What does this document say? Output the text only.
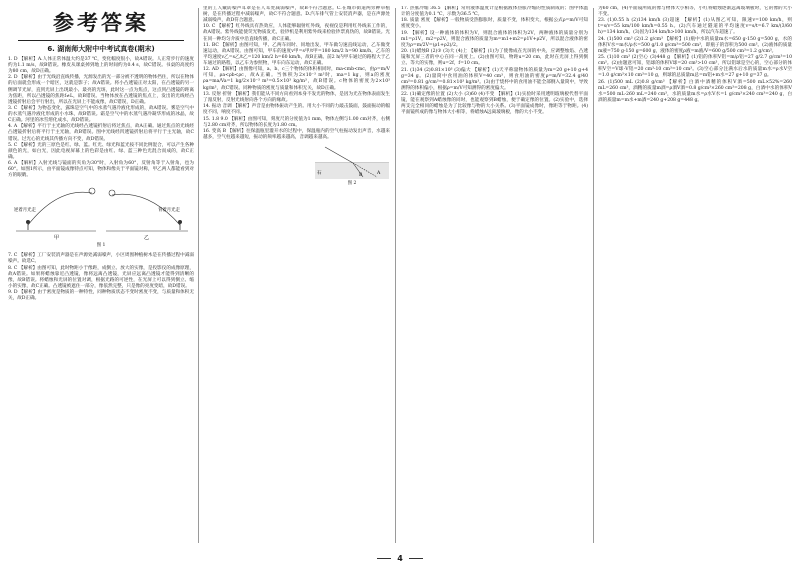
参考答案
6. 湖南师大附中中考试真卷(期末)

1. D 【解析】A.人体正常体温大约是37 ℃，变化幅度很小，故A错误。人正常步行的速度约为1.1 m/s，故B错误。橡皮从课桌掉到地上的时间约为0.4 s，故C错误。书桌的高度约为80 cm，故D正确。

2. D 【解析】由于光线沿直线传播，光源发出的光一部分被不透明的物体挡住，所以在物体的后面就会形成一个暗区，这就是影子；故A错误。将小凸透镜正对太阳，在凸透镜的另一侧调节光屏，直到光屏上出现最小、最亮的光斑，此时这一点为焦点，这点到凸透镜的距离为焦距，所以凸透镜的焦距f≠L，故B错误。当物体放在凸透镜的焦点上，发出的光线经凸透镜折射后会平行射出，所以在光屏上不能成像，故C错误，D正确。

3. C 【解析】为物态变化，露珠是空气中的水蒸气遇冷液化形成的，故A错误。雾是空气中的水蒸气遇冷液化形成的小水珠，故B错误。霜是空气中的水蒸气遇冷凝华形成的冰晶，故C正确。河里的冰雪熔化成水，故D错误。

4. A 【解析】平行于主光轴的光线经凸透镜折射后将过焦点，故A正确。通过焦点的光线经凸透镜折射后将平行于主光轴，故B错误。图中光线经凹透镜折射后将平行于主光轴，故C错误。过光心的光线其传播方向不变，故D错误。

5. C 【解析】光的三原色是红、绿、蓝。红光、绿光和蓝光按不同比例混合，可以产生各种颜色的光，如白光，因此电视屏幕上的色彩是由红、绿、蓝三种色光混合而成的，故C正确。

6. A 【解析】入射光线与镜面的夹角为30°时，入射角为60°，反射角等于入射角，也为60°。如图1所示，由平面镜成像特点可知，物体和像关于平面镜对称，甲乙两人都能看到对方的眼睛。

逆着月光走	背着月光走
甲	乙
图 1

7. C 【解析】工厂安装消声器是在声源处减弱噪声，小区周围种植树木是在传播过程中减弱噪声。故选C。

8. C 【解析】由图可知，此时物距小于像距，成倒立、放大的实像，是投影仪的成像原理，故A错误。如果将蜡烛靠近凸透镜，像将远离凸透镜，光屏应远离凸透镜才能得到清晰的像，故B错误。将蜡烛和光屏的位置对调，根据光路的可逆性，在光屏上可以得到倒立、缩小的实像，故C正确。凸透镜被遮住一部分，像依然完整，只是像的亮度变暗，故D错误。

9. D 【解析】由于密度是物质的一种特性，同种物质状态不变时密度不变，与质量和体积无关，故D正确。

里的工人戴防噪声耳罩是在人耳处减弱噪声，故B不符合题意。C.在城市街道两旁种草植树，是在传播过程中减弱噪声，故C不符合题意。D.汽车排气管上安装消声器，是在声源处减弱噪声，故D符合题意。

10. C 【解析】红外线具有热效应，人体能够辐射红外线，夜视仪是利用红外线来工作的，故A错误。紫外线能使荧光物质发光，验钞机是利用紫外线来检验钞票真伪的，故B错误。光在同一种均匀介质中沿直线传播，故C正确。

11. BC 【解析】由图可知，甲、乙两车同时、同地出发，甲车做匀速直线运动，乙车做变速运动，故A错误。由图可知，甲车的速度v甲=s甲/t甲=180 km/2 h=90 km/h，乙车的平均速度v乙=s乙/t乙=120 km/2 h=60 km/h，故B正确。前2 h内甲车通过的路程大于乙车通过的路程，以乙车为参照物，甲车向东运动，故C正确。

12. AD 【解析】由图像可知，a、b、c三个物体的体积相同时，ma<mb<mc，由ρ=m/V可知，ρa<ρb<ρc，故A正确。当体积为2×10⁻³ m³时，ma=1 kg，则a的密度ρa=ma/Va=1 kg/2×10⁻³ m³=0.5×10³ kg/m³，故B错误。c物体的密度为2×10³ kg/m³，故C错误。同种物质的密度与质量和体积无关，故D正确。

13. 反射 折射 【解析】我们能从不同方向看到本身不发光的物体，是因为光在物体表面发生了漫反射，反射光线射向各个方向的缘故。

14. 振动 音调 【解析】声音是由物体振动产生的。用大小不同的力敲击鼓面，鼓面振动的幅度不同，响度不同。

15. 1.8 9.0 【解析】由图可知，刻度尺的分度值为1 mm，物体左侧与1.00 cm对齐，右侧与2.80 cm对齐，所以物体的长度为1.80 cm。

16. 变高 B 【解析】往保温瓶里灌开水的过程中，保温瓶内的空气柱振动发出声音，水越来越多，空气柱越来越短，振动的频率越来越高，音调越来越高。

B	A
石
图 2

17. 热胀冷缩 36.5 【解析】常用液体温度计是根据液体热胀冷缩的性质制成的；图中体温计的分度值为0.1 ℃，示数为36.5 ℃。

18. 质量 密度 【解析】一般物质受热膨胀时，质量不变，体积变大，根据公式ρ=m/V可知密度变小。

19. 【解析】设一种液体的体积为V，则混合液体的体积为2V，两种液体的质量分别为m1=ρ1V，m2=ρ2V，则混合液体的质量为m=m1+m2=ρ1V+ρ2V，所以混合液体的密度为ρ=m/2V=(ρ1+ρ2)/2。

20. (1)蜡烛B (2)③ (3)大 (4)上 【解析】(1)为了使像成在光屏的中央，应调整烛焰、凸透镜和光屏三者的中心在同一高度上。(2)由图可知，物距u=20 cm，此时在光屏上得到倒立、等大的实像，则u=2f，f=10 cm。

21. (1)34 (2)0.81×10³ (3)偏大 【解析】(1)天平称量物体的质量为m=20 g+10 g+4 g=34 g。(2)量筒中食用油的体积V=40 cm³，则食用油的密度ρ=m/V=32.4 g/40 cm³=0.81 g/cm³=0.81×10³ kg/m³。(3)由于烧杯中的食用油不能全部倒入量筒中，导致测得的体积偏小，根据ρ=m/V可知测得的密度偏大。

22. (1)确定像的位置 (2)大小 (3)60 (4)不变 【解析】(1)实验时采用透明玻璃板代替平面镜，能在观察到A蜡烛像的同时，也能观察到B蜡烛，便于确定像的位置。(2)实验中，选择两支完全相同的蜡烛是为了比较像与物的大小关系。(3)平面镜成像时，像距等于物距。(4)平面镜所成的像与物体大小相等，将蜡烛A远离玻璃板，像的大小不变。

为60 cm，(4)平面镜所成的像与物体大小相等，小红将蜡烛逐渐远离玻璃板时，它的像的大小不变。

23. (1)0.55 h (2)134 km/h (3)超速 【解析】(1)从图乙可知，限速v=100 km/h，则t=s/v=55 km/100 km/h=0.55 h。(2)汽车通过隧道的平均速度v=s/t=6.7 km/(3/60 h)=134 km/h。(3)因为134 km/h>100 km/h，所以汽车超速了。

24. (1)500 cm³ (2)1.2 g/cm³ 【解析】(1)瓶中水的质量m水=650 g-150 g=500 g，水的体积V水=m水/ρ水=500 g/1.0 g/cm³=500 cm³，即瓶子的容积为500 cm³。(2)液体的质量m液=750 g-150 g=600 g，液体的密度ρ液=m液/V=600 g/500 cm³=1.2 g/cm³。

25. (1)10 cm³ (2)空心 (3)448 g 【解析】(1)铝的体积V铝=m/ρ铝=27 g/2.7 g/cm³=10 cm³。(2)由题意可知，铝球的体积V球=20 cm³>10 cm³，所以铝球是空心的，空心部分的体积V空=V球-V铝=20 cm³-10 cm³=10 cm³。(3)空心部分注满水后水的质量m水=ρ水V空=1.0 g/cm³×10 cm³=10 g，则球的总质量m总=m铝+m水=27 g+10 g=37 g。

26. (1)500 mL (2)0.8 g/cm³ 【解析】白酒中酒精的体积V酒=500 mL×52%=260 mL=260 cm³，酒精的质量m酒=ρ酒V酒=0.8 g/cm³×260 cm³=208 g，白酒中水的体积V水=500 mL-260 mL=240 cm³，水的质量m水=ρ水V水=1 g/cm³×240 cm³=240 g，白酒的质量m=m水+m酒=240 g+208 g=448 g。

4
